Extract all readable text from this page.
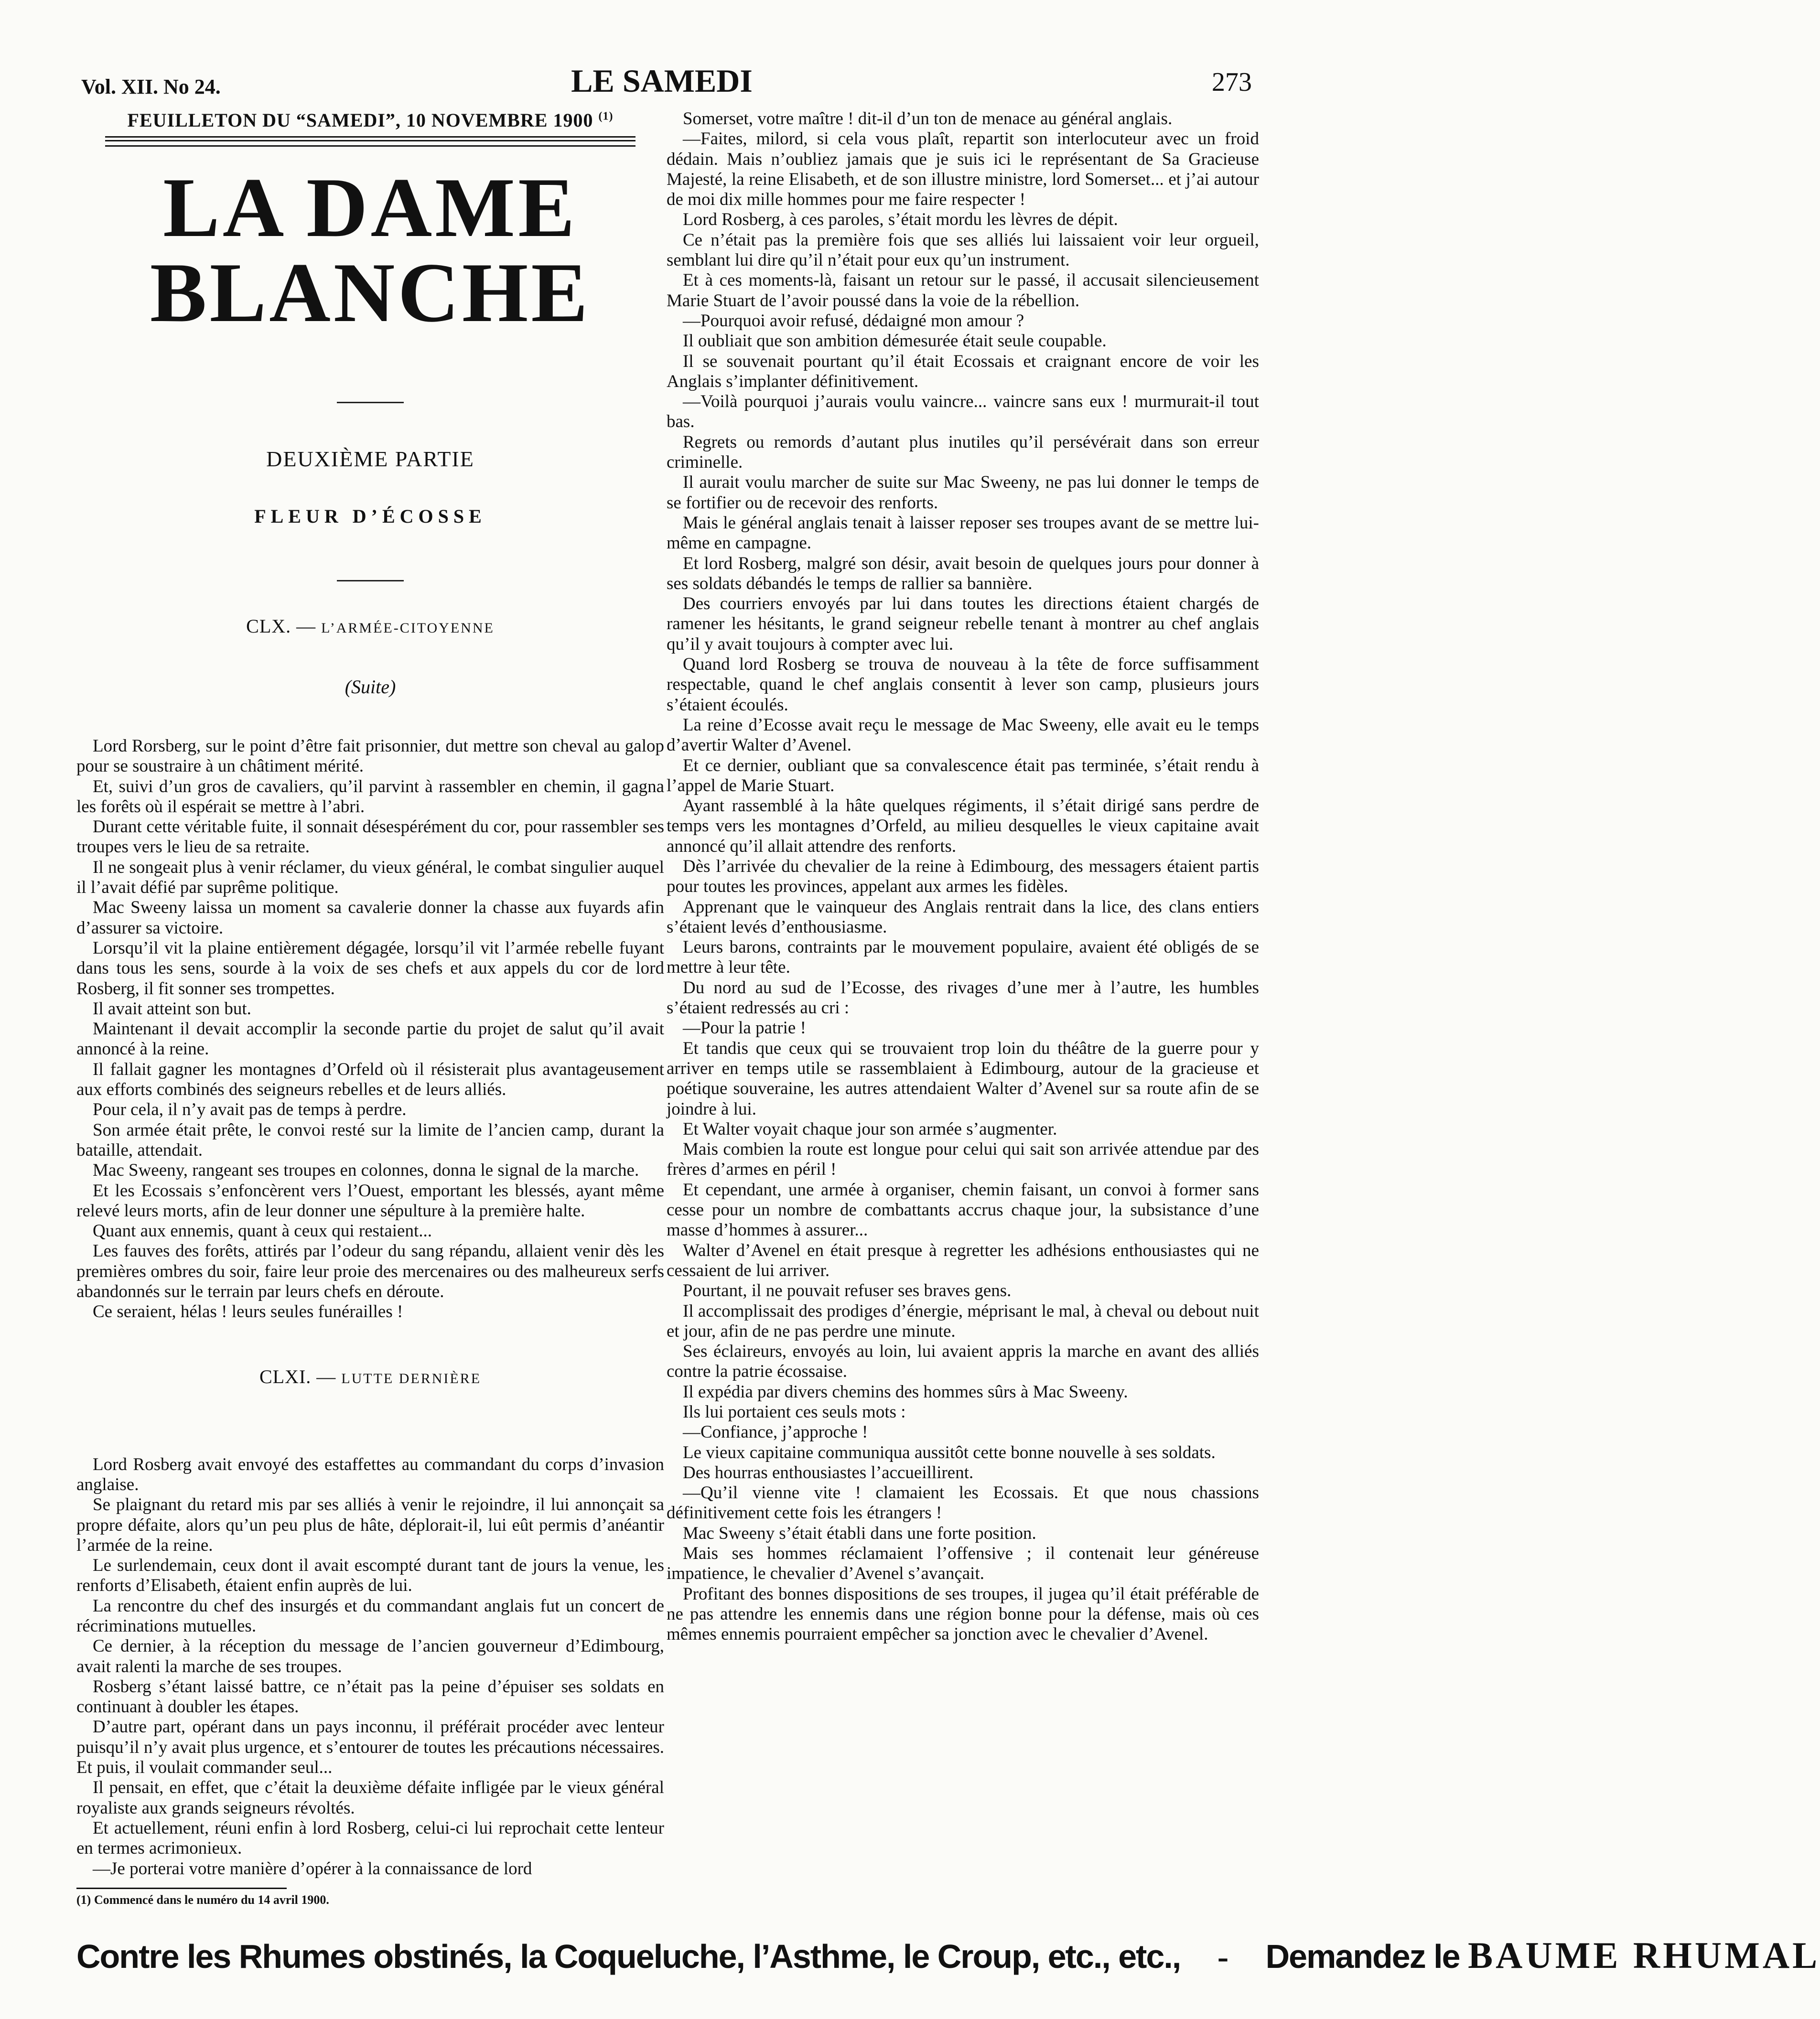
Vol. XII. No 24.	LE SAMEDI	273
FEUILLETON DU “SAMEDI”, 10 NOVEMBRE 1900 $^{(1)}$
LA DAME BLANCHE
DEUXIÈME PARTIE
FLEUR D’ÉCOSSE
CLX. — L’ARMÉE-CITOYENNE
(Suite)

Lord Rorsberg, sur le point d’être fait prisonnier, dut mettre son cheval au galop pour se soustraire à un châtiment mérité.

Et, suivi d’un gros de cavaliers, qu’il parvint à rassembler en chemin, il gagna les forêts où il espérait se mettre à l’abri.

Durant cette véritable fuite, il sonnait désespérément du cor, pour rassembler ses troupes vers le lieu de sa retraite.

Il ne songeait plus à venir réclamer, du vieux général, le combat singulier auquel il l’avait défié par suprême politique.

Mac Sweeny laissa un moment sa cavalerie donner la chasse aux fuyards afin d’assurer sa victoire.

Lorsqu’il vit la plaine entièrement dégagée, lorsqu’il vit l’armée rebelle fuyant dans tous les sens, sourde à la voix de ses chefs et aux appels du cor de lord Rosberg, il fit sonner ses trompettes.

Il avait atteint son but.

Maintenant il devait accomplir la seconde partie du projet de salut qu’il avait annoncé à la reine.

Il fallait gagner les montagnes d’Orfeld où il résisterait plus avantageusement aux efforts combinés des seigneurs rebelles et de leurs alliés.

Pour cela, il n’y avait pas de temps à perdre.

Son armée était prête, le convoi resté sur la limite de l’ancien camp, durant la bataille, attendait.

Mac Sweeny, rangeant ses troupes en colonnes, donna le signal de la marche.

Et les Ecossais s’enfoncèrent vers l’Ouest, emportant les blessés, ayant même relevé leurs morts, afin de leur donner une sépulture à la première halte.

Quant aux ennemis, quant à ceux qui restaient...

Les fauves des forêts, attirés par l’odeur du sang répandu, allaient venir dès les premières ombres du soir, faire leur proie des mercenaires ou des malheureux serfs abandonnés sur le terrain par leurs chefs en déroute.

Ce seraient, hélas ! leurs seules funérailles !

CLXI. — LUTTE DERNIÈRE

Lord Rosberg avait envoyé des estaffettes au commandant du corps d’invasion anglaise.

Se plaignant du retard mis par ses alliés à venir le rejoindre, il lui annonçait sa propre défaite, alors qu’un peu plus de hâte, déplorait-il, lui eût permis d’anéantir l’armée de la reine.

Le surlendemain, ceux dont il avait escompté durant tant de jours la venue, les renforts d’Elisabeth, étaient enfin auprès de lui.

La rencontre du chef des insurgés et du commandant anglais fut un concert de récriminations mutuelles.

Ce dernier, à la réception du message de l’ancien gouverneur d’Edimbourg, avait ralenti la marche de ses troupes.

Rosberg s’étant laissé battre, ce n’était pas la peine d’épuiser ses soldats en continuant à doubler les étapes.

D’autre part, opérant dans un pays inconnu, il préférait procéder avec lenteur puisqu’il n’y avait plus urgence, et s’entourer de toutes les précautions nécessaires. Et puis, il voulait commander seul...

Il pensait, en effet, que c’était la deuxième défaite infligée par le vieux général royaliste aux grands seigneurs révoltés.

Et actuellement, réuni enfin à lord Rosberg, celui-ci lui reprochait cette lenteur en termes acrimonieux.

—Je porterai votre manière d’opérer à la connaissance de lord

(1) Commencé dans le numéro du 14 avril 1900.

Somerset, votre maître ! dit-il d’un ton de menace au général anglais.

—Faites, milord, si cela vous plaît, repartit son interlocuteur avec un froid dédain. Mais n’oubliez jamais que je suis ici le représentant de Sa Gracieuse Majesté, la reine Elisabeth, et de son illustre ministre, lord Somerset... et j’ai autour de moi dix mille hommes pour me faire respecter !

Lord Rosberg, à ces paroles, s’était mordu les lèvres de dépit.

Ce n’était pas la première fois que ses alliés lui laissaient voir leur orgueil, semblant lui dire qu’il n’était pour eux qu’un instrument.

Et à ces moments-là, faisant un retour sur le passé, il accusait silencieusement Marie Stuart de l’avoir poussé dans la voie de la rébellion.

—Pourquoi avoir refusé, dédaigné mon amour ?

Il oubliait que son ambition démesurée était seule coupable.

Il se souvenait pourtant qu’il était Ecossais et craignant encore de voir les Anglais s’implanter définitivement.

—Voilà pourquoi j’aurais voulu vaincre... vaincre sans eux ! murmurait-il tout bas.

Regrets ou remords d’autant plus inutiles qu’il persévérait dans son erreur criminelle.

Il aurait voulu marcher de suite sur Mac Sweeny, ne pas lui donner le temps de se fortifier ou de recevoir des renforts.

Mais le général anglais tenait à laisser reposer ses troupes avant de se mettre lui-même en campagne.

Et lord Rosberg, malgré son désir, avait besoin de quelques jours pour donner à ses soldats débandés le temps de rallier sa bannière.

Des courriers envoyés par lui dans toutes les directions étaient chargés de ramener les hésitants, le grand seigneur rebelle tenant à montrer au chef anglais qu’il y avait toujours à compter avec lui.

Quand lord Rosberg se trouva de nouveau à la tête de force suffisamment respectable, quand le chef anglais consentit à lever son camp, plusieurs jours s’étaient écoulés.

La reine d’Ecosse avait reçu le message de Mac Sweeny, elle avait eu le temps d’avertir Walter d’Avenel.

Et ce dernier, oubliant que sa convalescence était pas terminée, s’était rendu à l’appel de Marie Stuart.

Ayant rassemblé à la hâte quelques régiments, il s’était dirigé sans perdre de temps vers les montagnes d’Orfeld, au milieu desquelles le vieux capitaine avait annoncé qu’il allait attendre des renforts.

Dès l’arrivée du chevalier de la reine à Edimbourg, des messagers étaient partis pour toutes les provinces, appelant aux armes les fidèles.

Apprenant que le vainqueur des Anglais rentrait dans la lice, des clans entiers s’étaient levés d’enthousiasme.

Leurs barons, contraints par le mouvement populaire, avaient été obligés de se mettre à leur tête.

Du nord au sud de l’Ecosse, des rivages d’une mer à l’autre, les humbles s’étaient redressés au cri :

—Pour la patrie !

Et tandis que ceux qui se trouvaient trop loin du théâtre de la guerre pour y arriver en temps utile se rassemblaient à Edimbourg, autour de la gracieuse et poétique souveraine, les autres attendaient Walter d’Avenel sur sa route afin de se joindre à lui.

Et Walter voyait chaque jour son armée s’augmenter.

Mais combien la route est longue pour celui qui sait son arrivée attendue par des frères d’armes en péril !

Et cependant, une armée à organiser, chemin faisant, un convoi à former sans cesse pour un nombre de combattants accrus chaque jour, la subsistance d’une masse d’hommes à assurer...

Walter d’Avenel en était presque à regretter les adhésions enthousiastes qui ne cessaient de lui arriver.

Pourtant, il ne pouvait refuser ses braves gens.

Il accomplissait des prodiges d’énergie, méprisant le mal, à cheval ou debout nuit et jour, afin de ne pas perdre une minute.

Ses éclaireurs, envoyés au loin, lui avaient appris la marche en avant des alliés contre la patrie écossaise.

Il expédia par divers chemins des hommes sûrs à Mac Sweeny.

Ils lui portaient ces seuls mots :

—Confiance, j’approche !

Le vieux capitaine communiqua aussitôt cette bonne nouvelle à ses soldats.

Des hourras enthousiastes l’accueillirent.

—Qu’il vienne vite ! clamaient les Ecossais. Et que nous chassions définitivement cette fois les étrangers !

Mac Sweeny s’était établi dans une forte position.

Mais ses hommes réclamaient l’offensive ; il contenait leur généreuse impatience, le chevalier d’Avenel s’avançait.

Profitant des bonnes dispositions de ses troupes, il jugea qu’il était préférable de ne pas attendre les ennemis dans une région bonne pour la défense, mais où ces mêmes ennemis pourraient empêcher sa jonction avec le chevalier d’Avenel.

Contre les Rhumes obstinés, la Coqueluche, l’Asthme, le Croup, etc., etc., - Demandez le BAUME RHUMAL
